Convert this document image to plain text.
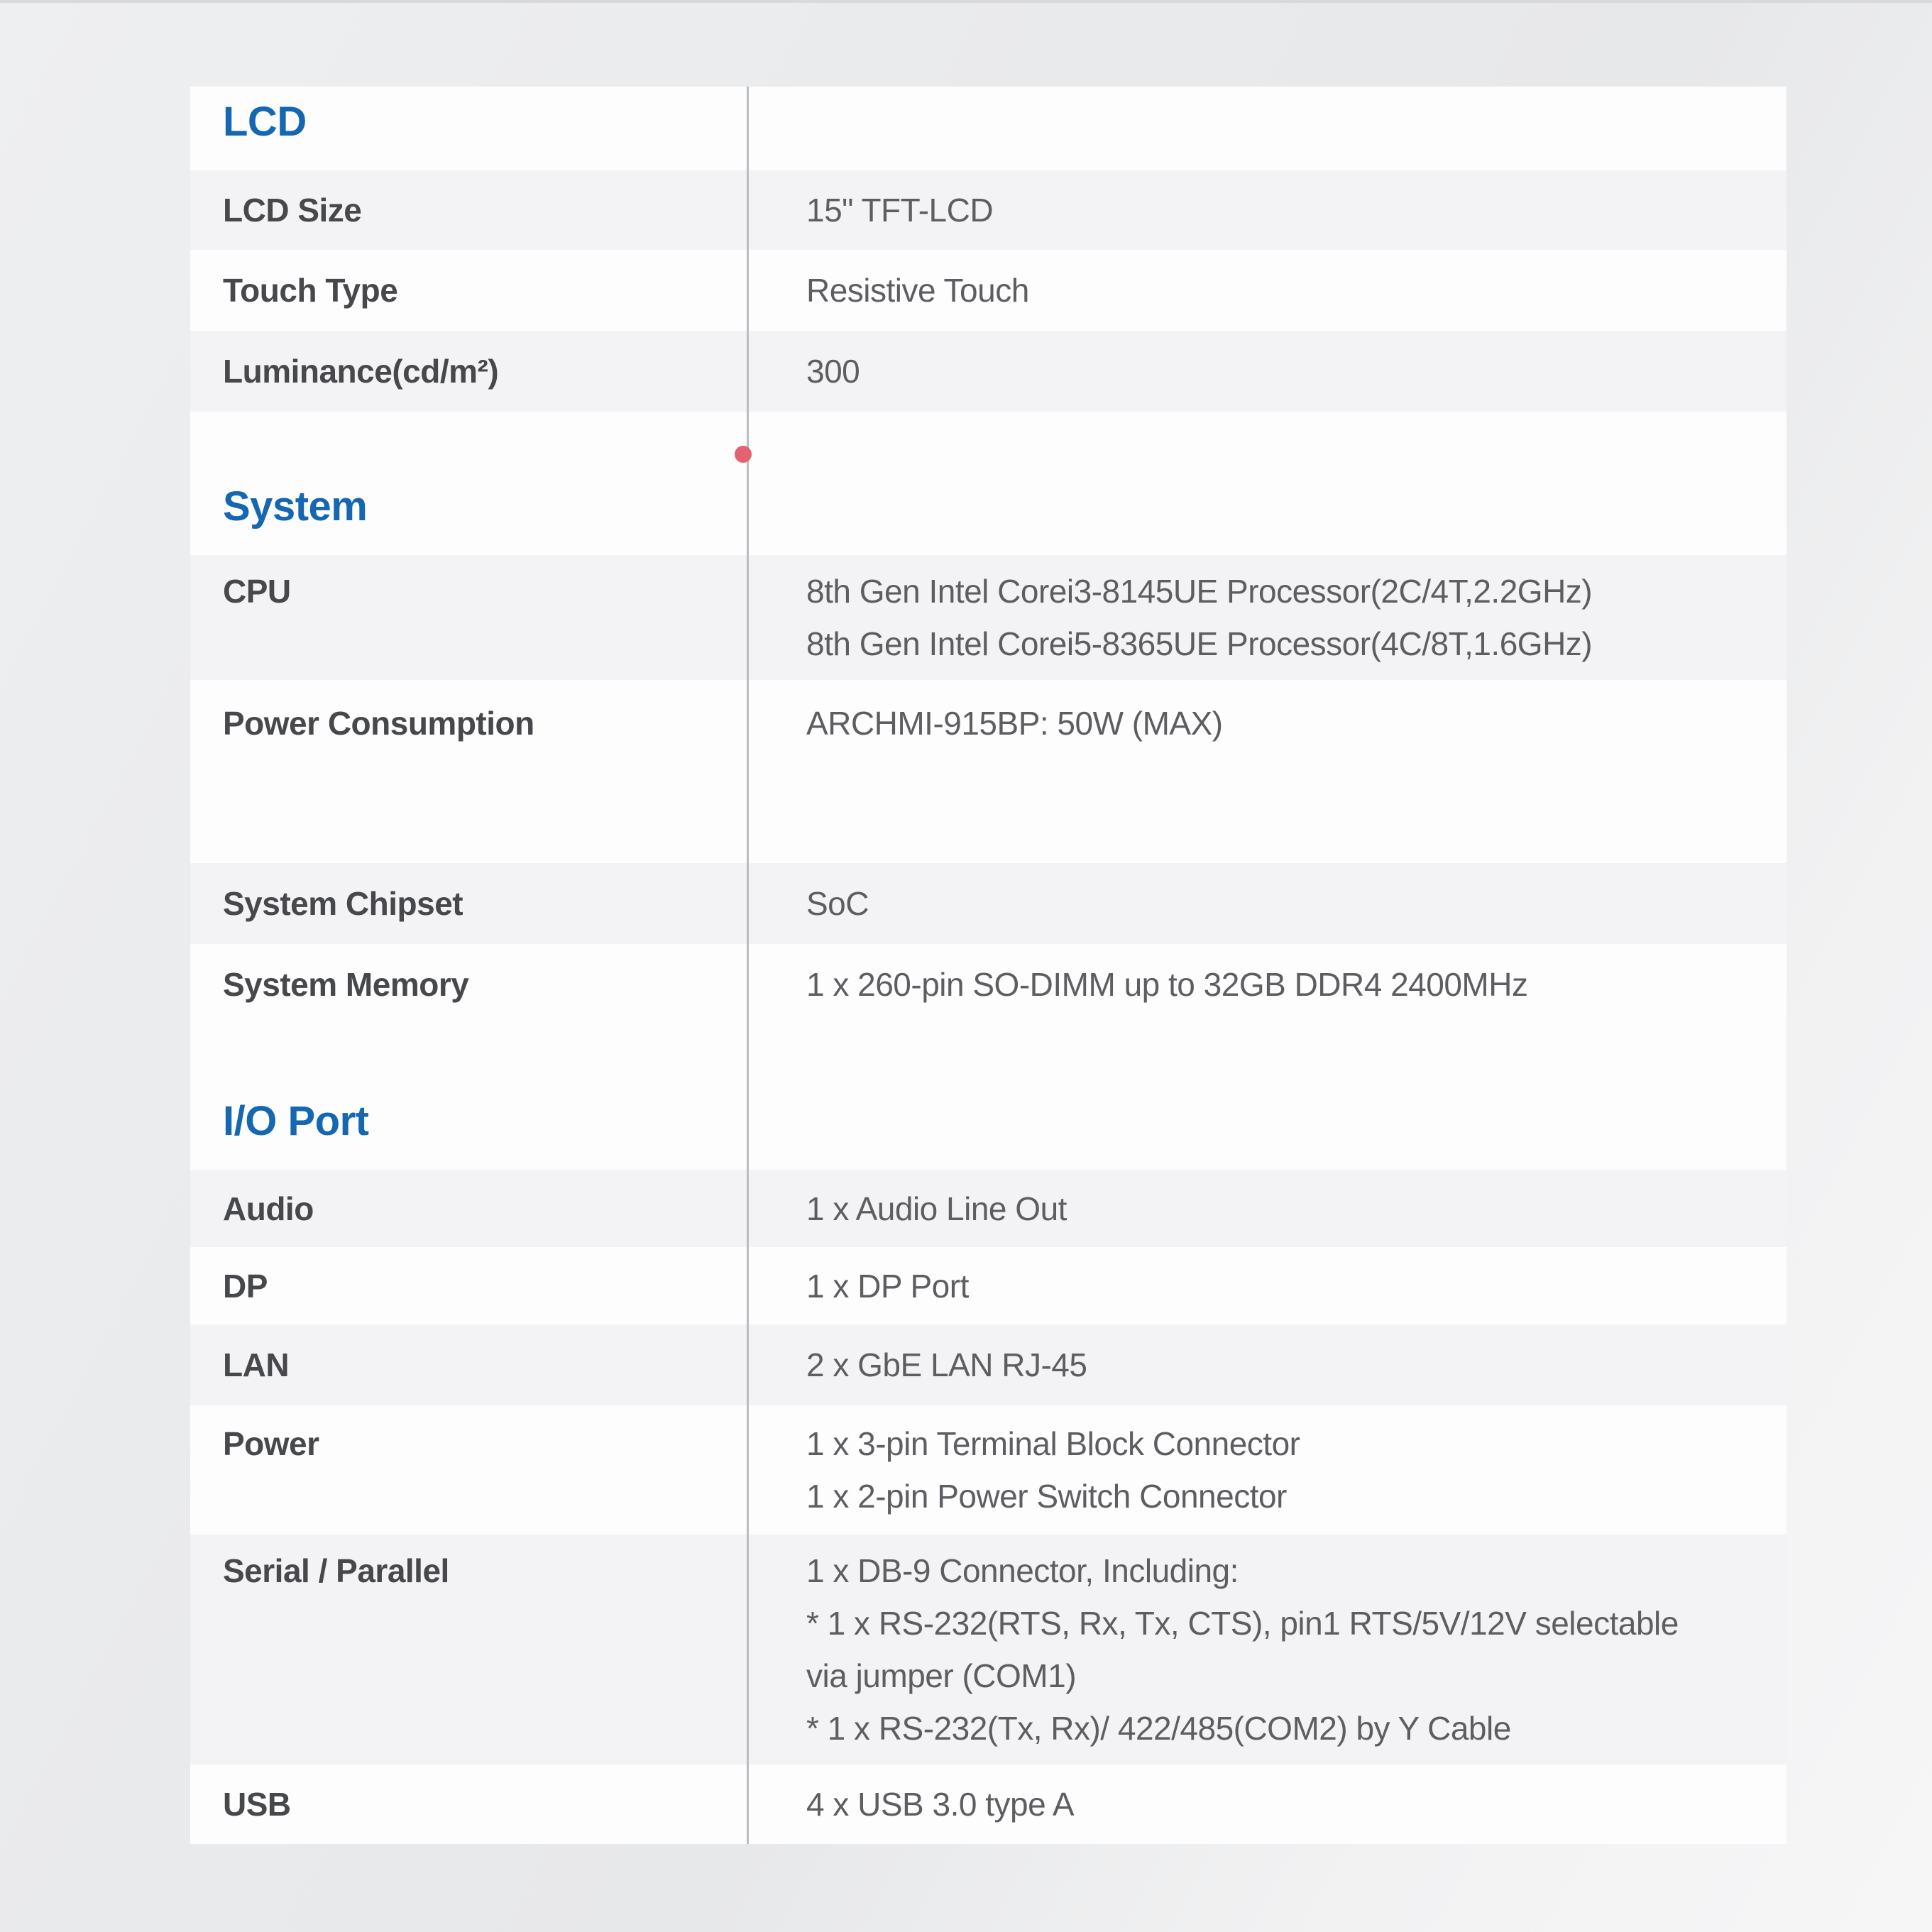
LCD
LCD Size	15" TFT-LCD
Touch Type	Resistive Touch
Luminance(cd/m²)	300
System
CPU	8th Gen Intel Corei3-8145UE Processor(2C/4T,2.2GHz)
8th Gen Intel Corei5-8365UE Processor(4C/8T,1.6GHz)
Power Consumption	ARCHMI-915BP: 50W (MAX)
System Chipset	SoC
System Memory	1 x 260-pin SO-DIMM up to 32GB DDR4 2400MHz
I/O Port
Audio	1 x Audio Line Out
DP	1 x DP Port
LAN	2 x GbE LAN RJ-45
Power	1 x 3-pin Terminal Block Connector
1 x 2-pin Power Switch Connector
Serial / Parallel	1 x DB-9 Connector, Including:
* 1 x RS-232(RTS, Rx, Tx, CTS), pin1 RTS/5V/12V selectable
via jumper (COM1)
* 1 x RS-232(Tx, Rx)/ 422/485(COM2) by Y Cable
USB	4 x USB 3.0 type A
